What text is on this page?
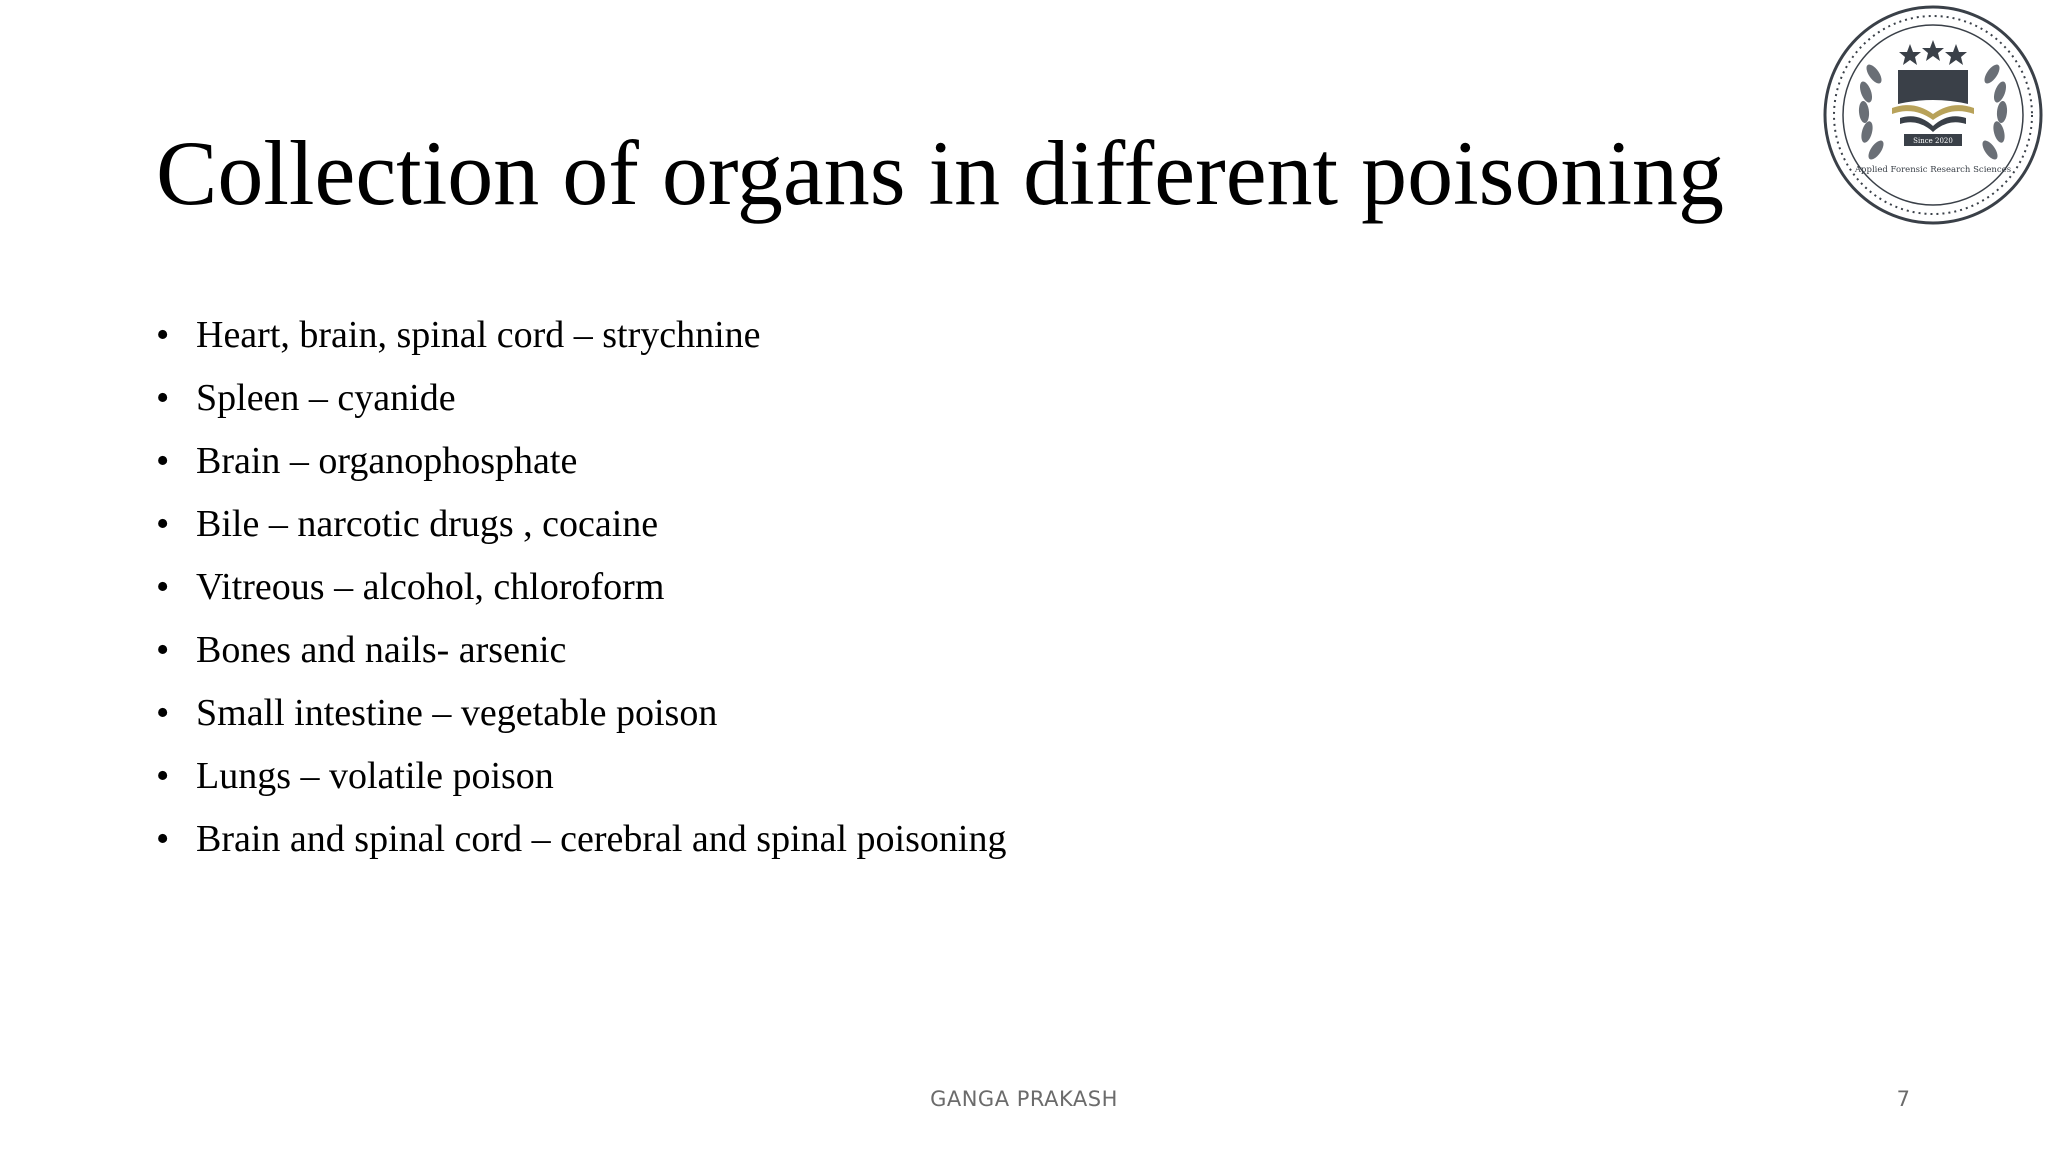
Collection of organs in different poisoning	Since 2020
Applied Forensic Research Sciences
• Heart, brain, spinal cord – strychnine
• Spleen – cyanide
• Brain – organophosphate
• Bile – narcotic drugs , cocaine
• Vitreous – alcohol, chloroform
• Bones and nails- arsenic
• Small intestine – vegetable poison
• Lungs – volatile poison
• Brain and spinal cord – cerebral and spinal poisoning
GANGA PRAKASH	7
